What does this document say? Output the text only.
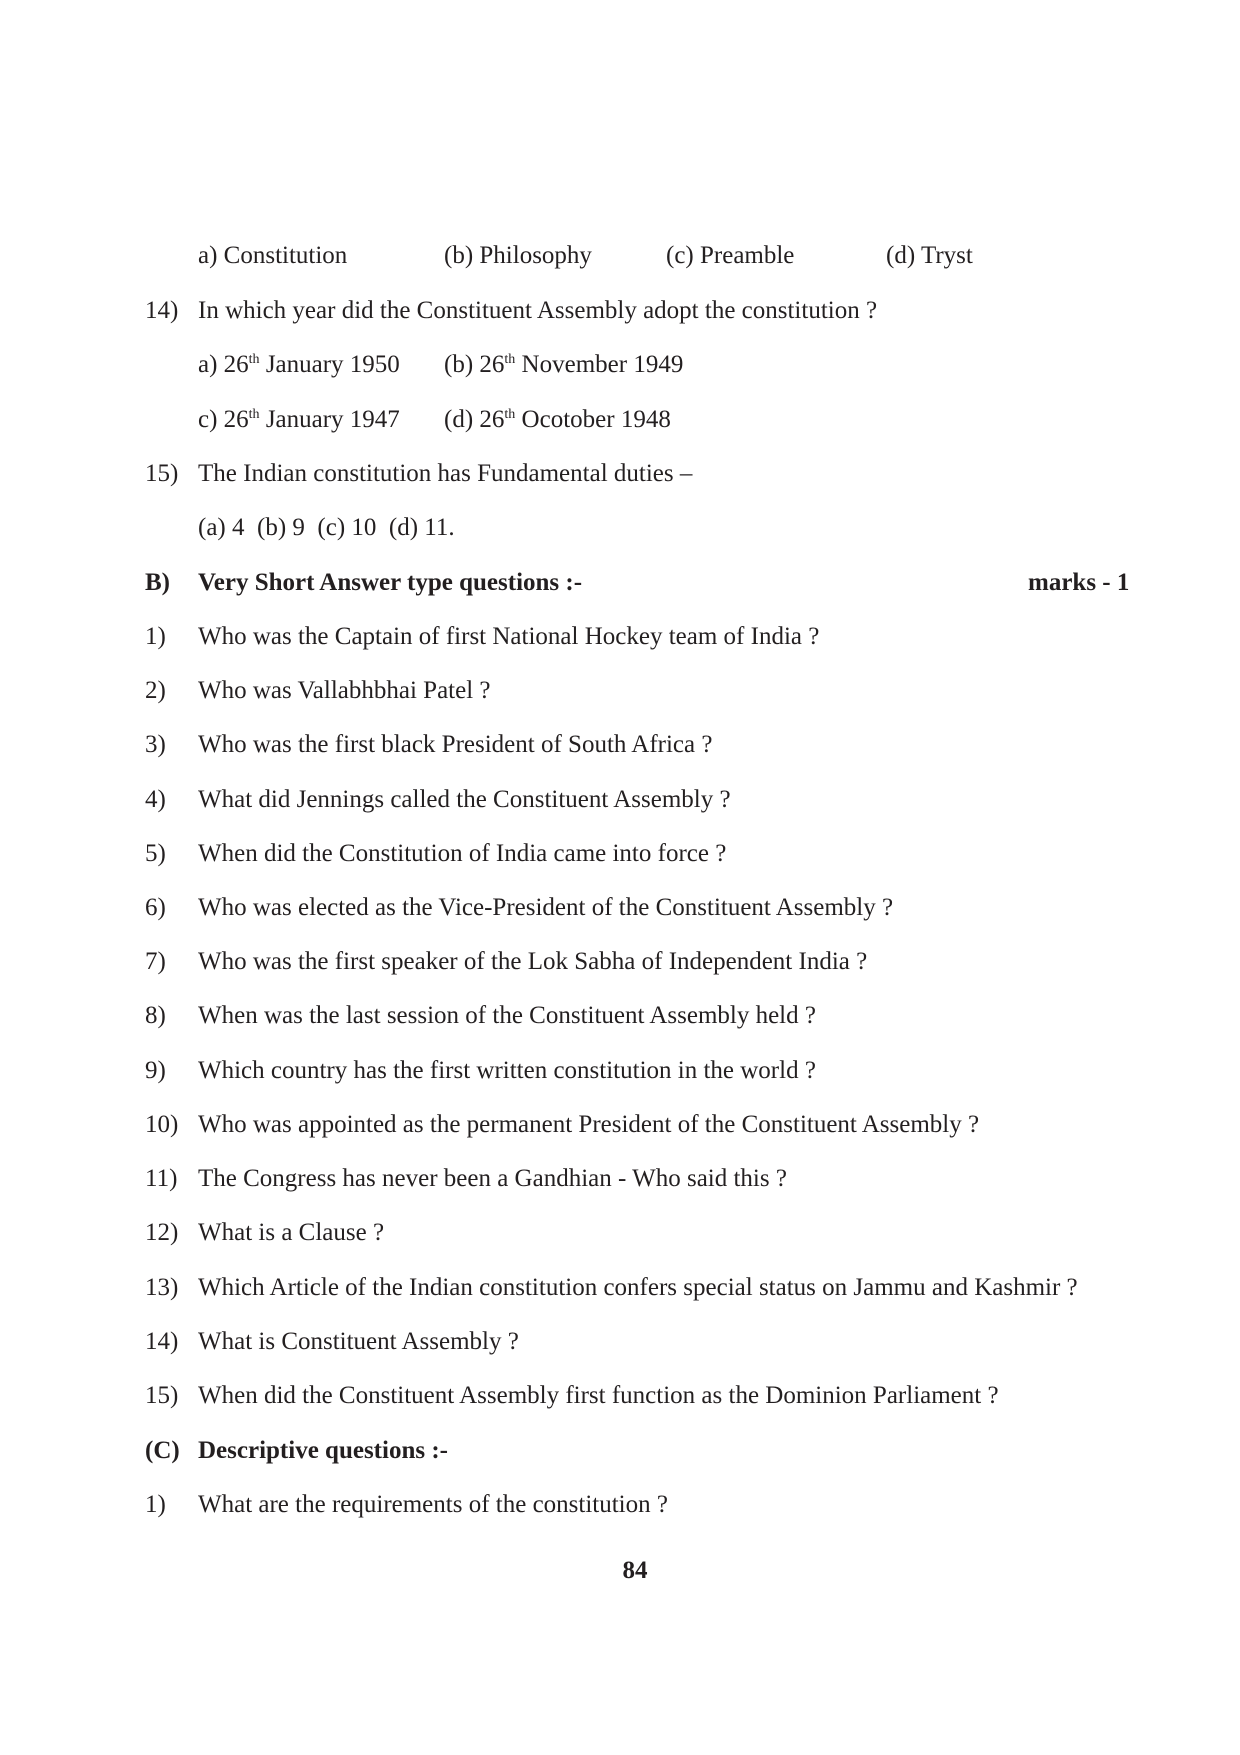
a) Constitution	(b) Philosophy	(c) Preamble	(d) Tryst
14) In which year did the Constituent Assembly adopt the constitution ?
a) 26th January 1950 (b) 26th November 1949
c) 26th January 1947 (d) 26th Ocotober 1948
15) The Indian constitution has Fundamental duties –
(a) 4  (b) 9  (c) 10  (d) 11.
B) Very Short Answer type questions :-	marks - 1
1) Who was the Captain of first National Hockey team of India ?
2) Who was Vallabhbhai Patel ?
3) Who was the first black President of South Africa ?
4) What did Jennings called the Constituent Assembly ?
5) When did the Constitution of India came into force ?
6) Who was elected as the Vice-President of the Constituent Assembly ?
7) Who was the first speaker of the Lok Sabha of Independent India ?
8) When was the last session of the Constituent Assembly held ?
9) Which country has the first written constitution in the world ?
10) Who was appointed as the permanent President of the Constituent Assembly ?
11) The Congress has never been a Gandhian - Who said this ?
12) What is a Clause ?
13) Which Article of the Indian constitution confers special status on Jammu and Kashmir ?
14) What is Constituent Assembly ?
15) When did the Constituent Assembly first function as the Dominion Parliament ?
(C) Descriptive questions :-
1) What are the requirements of the constitution ?
84
